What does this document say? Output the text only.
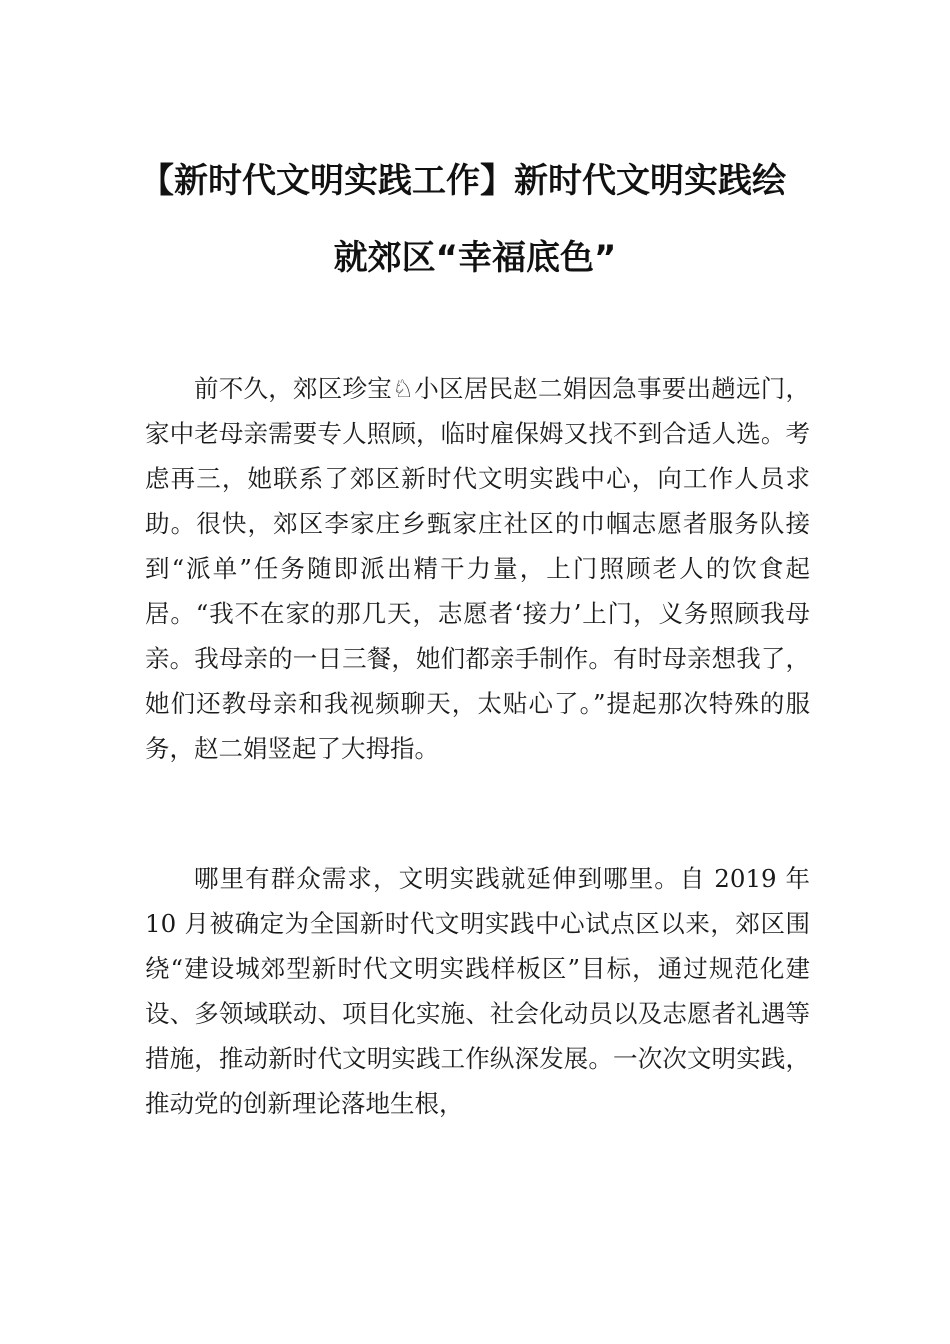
【新时代文明实践工作】新时代文明实践绘
就郊区“幸福底色”

前不久，郊区珍宝♘小区居民赵二娟因急事要出趟远门，家中老母亲需要专人照顾，临时雇保姆又找不到合适人选。考虑再三，她联系了郊区新时代文明实践中心，向工作人员求助。很快，郊区李家庄乡甄家庄社区的巾帼志愿者服务队接到“派单”任务随即派出精干力量，上门照顾老人的饮食起居。“我不在家的那几天，志愿者‘接力’上门，义务照顾我母亲。我母亲的一日三餐，她们都亲手制作。有时母亲想我了，她们还教母亲和我视频聊天，太贴心了。”提起那次特殊的服务，赵二娟竖起了大拇指。

哪里有群众需求，文明实践就延伸到哪里。自 2019 年 10 月被确定为全国新时代文明实践中心试点区以来，郊区围绕“建设城郊型新时代文明实践样板区”目标，通过规范化建设、多领域联动、项目化实施、社会化动员以及志愿者礼遇等措施，推动新时代文明实践工作纵深发展。一次次文明实践，推动党的创新理论落地生根，
